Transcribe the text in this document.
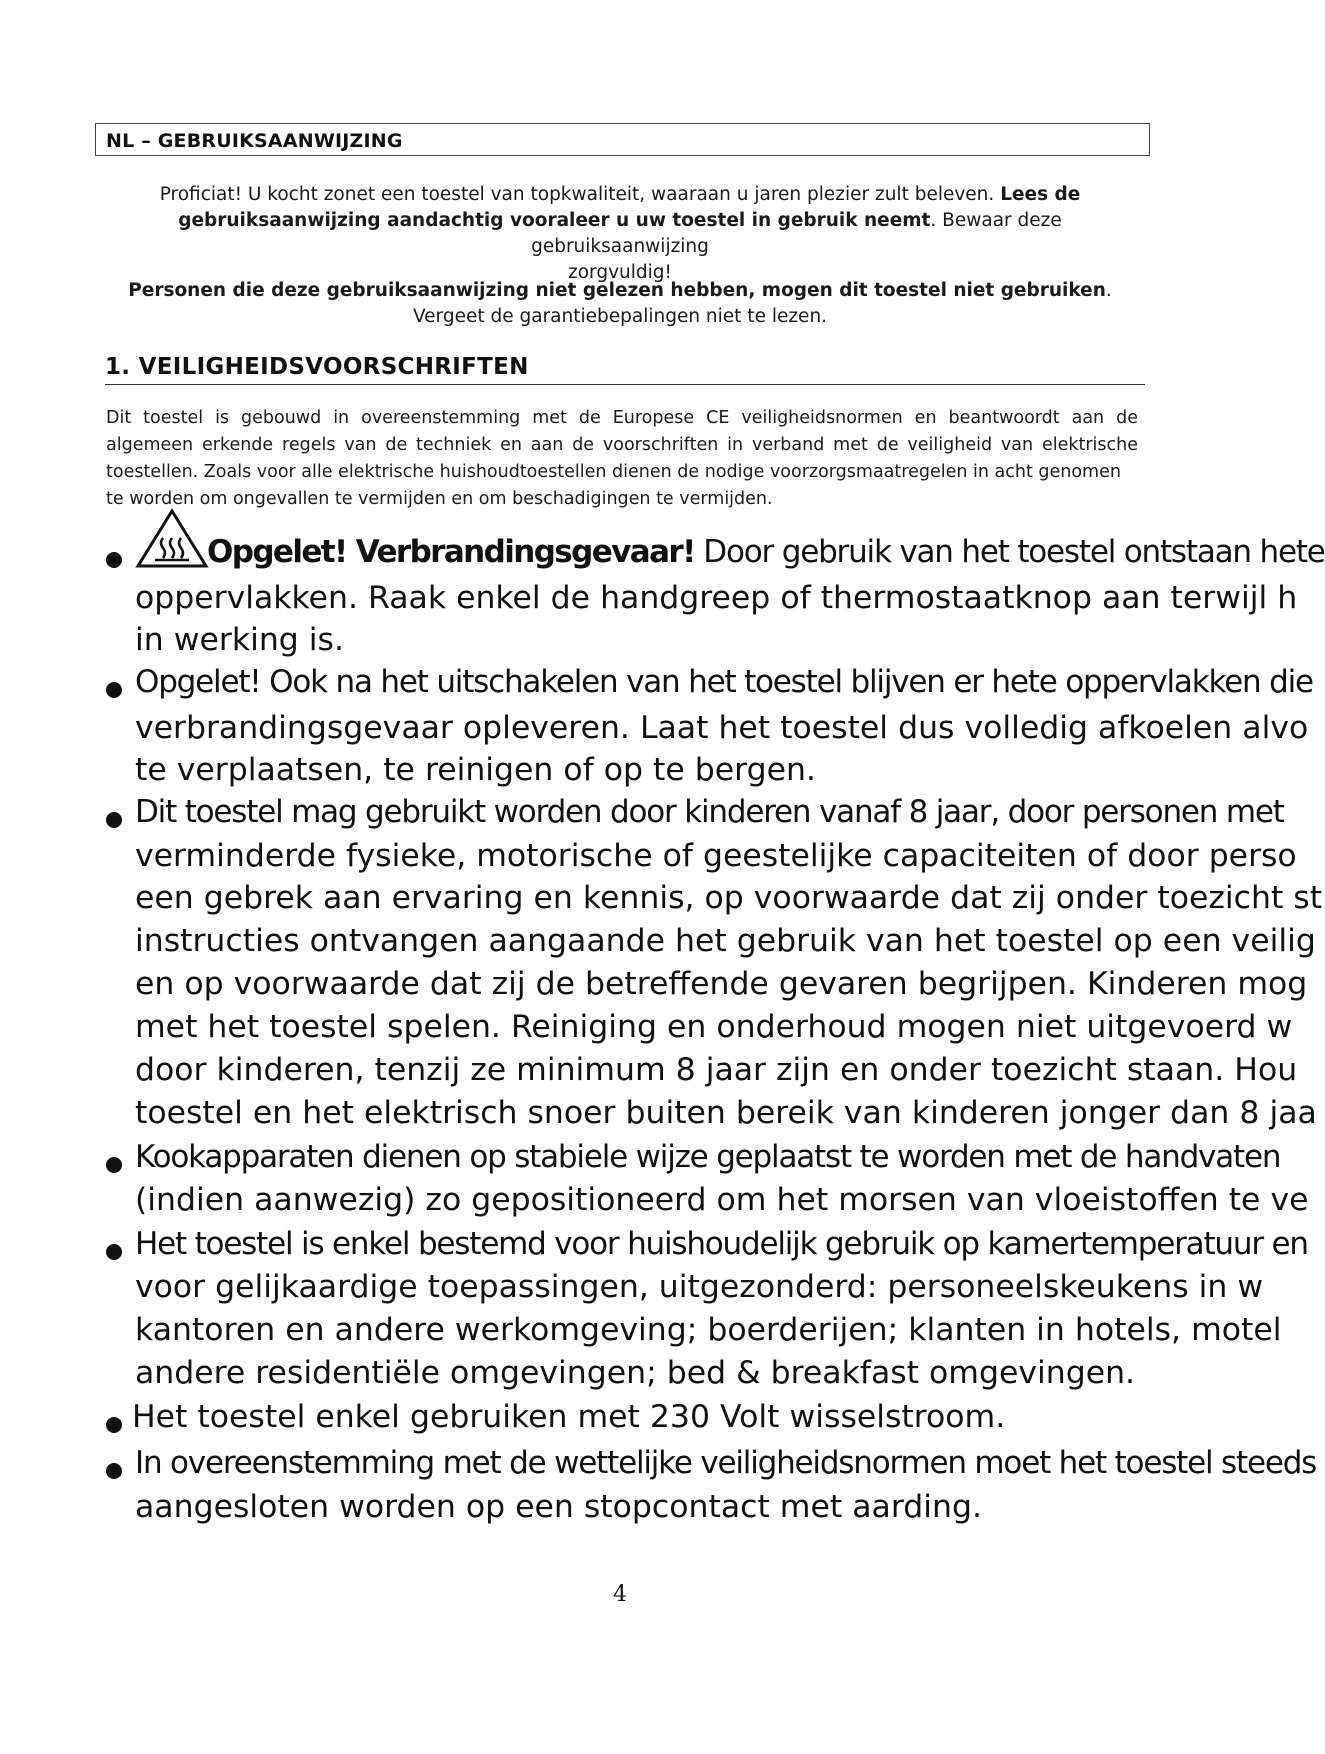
NL – GEBRUIKSAANWIJZING
Proficiat! U kocht zonet een toestel van topkwaliteit, waaraan u jaren plezier zult beleven. Lees de
gebruiksaanwijzing aandachtig vooraleer u uw toestel in gebruik neemt. Bewaar deze gebruiksaanwijzing
zorgvuldig!
Personen die deze gebruiksaanwijzing niet gelezen hebben, mogen dit toestel niet gebruiken.
Vergeet de garantiebepalingen niet te lezen.
1. VEILIGHEIDSVOORSCHRIFTEN
Dit toestel is gebouwd in overeenstemming met de Europese CE veiligheidsnormen en beantwoordt aan de algemeen erkende regels van de techniek en aan de voorschriften in verband met de veiligheid van elektrische toestellen. Zoals voor alle elektrische huishoudtoestellen dienen de nodige voorzorgsmaatregelen in acht genomen
te worden om ongevallen te vermijden en om beschadigingen te vermijden.
Opgelet! Verbrandingsgevaar! Door gebruik van het toestel ontstaan hete
oppervlakken. Raak enkel de handgreep of thermostaatknop aan terwijl h
in werking is.
Opgelet! Ook na het uitschakelen van het toestel blijven er hete oppervlakken die
verbrandingsgevaar opleveren. Laat het toestel dus volledig afkoelen alvo
te verplaatsen, te reinigen of op te bergen.
Dit toestel mag gebruikt worden door kinderen vanaf 8 jaar, door personen met
verminderde fysieke, motorische of geestelijke capaciteiten of door perso
een gebrek aan ervaring en kennis, op voorwaarde dat zij onder toezicht st
instructies ontvangen aangaande het gebruik van het toestel op een veilig
en op voorwaarde dat zij de betreffende gevaren begrijpen. Kinderen mog
met het toestel spelen. Reiniging en onderhoud mogen niet uitgevoerd w
door kinderen, tenzij ze minimum 8 jaar zijn en onder toezicht staan. Hou
toestel en het elektrisch snoer buiten bereik van kinderen jonger dan 8 jaa
Kookapparaten dienen op stabiele wijze geplaatst te worden met de handvaten
(indien aanwezig) zo gepositioneerd om het morsen van vloeistoffen te ve
Het toestel is enkel bestemd voor huishoudelijk gebruik op kamertemperatuur en
voor gelijkaardige toepassingen, uitgezonderd: personeelskeukens in w
kantoren en andere werkomgeving; boerderijen; klanten in hotels, motel
andere residentiële omgevingen; bed & breakfast omgevingen.
Het toestel enkel gebruiken met 230 Volt wisselstroom.
In overeenstemming met de wettelijke veiligheidsnormen moet het toestel steeds
aangesloten worden op een stopcontact met aarding.
4
